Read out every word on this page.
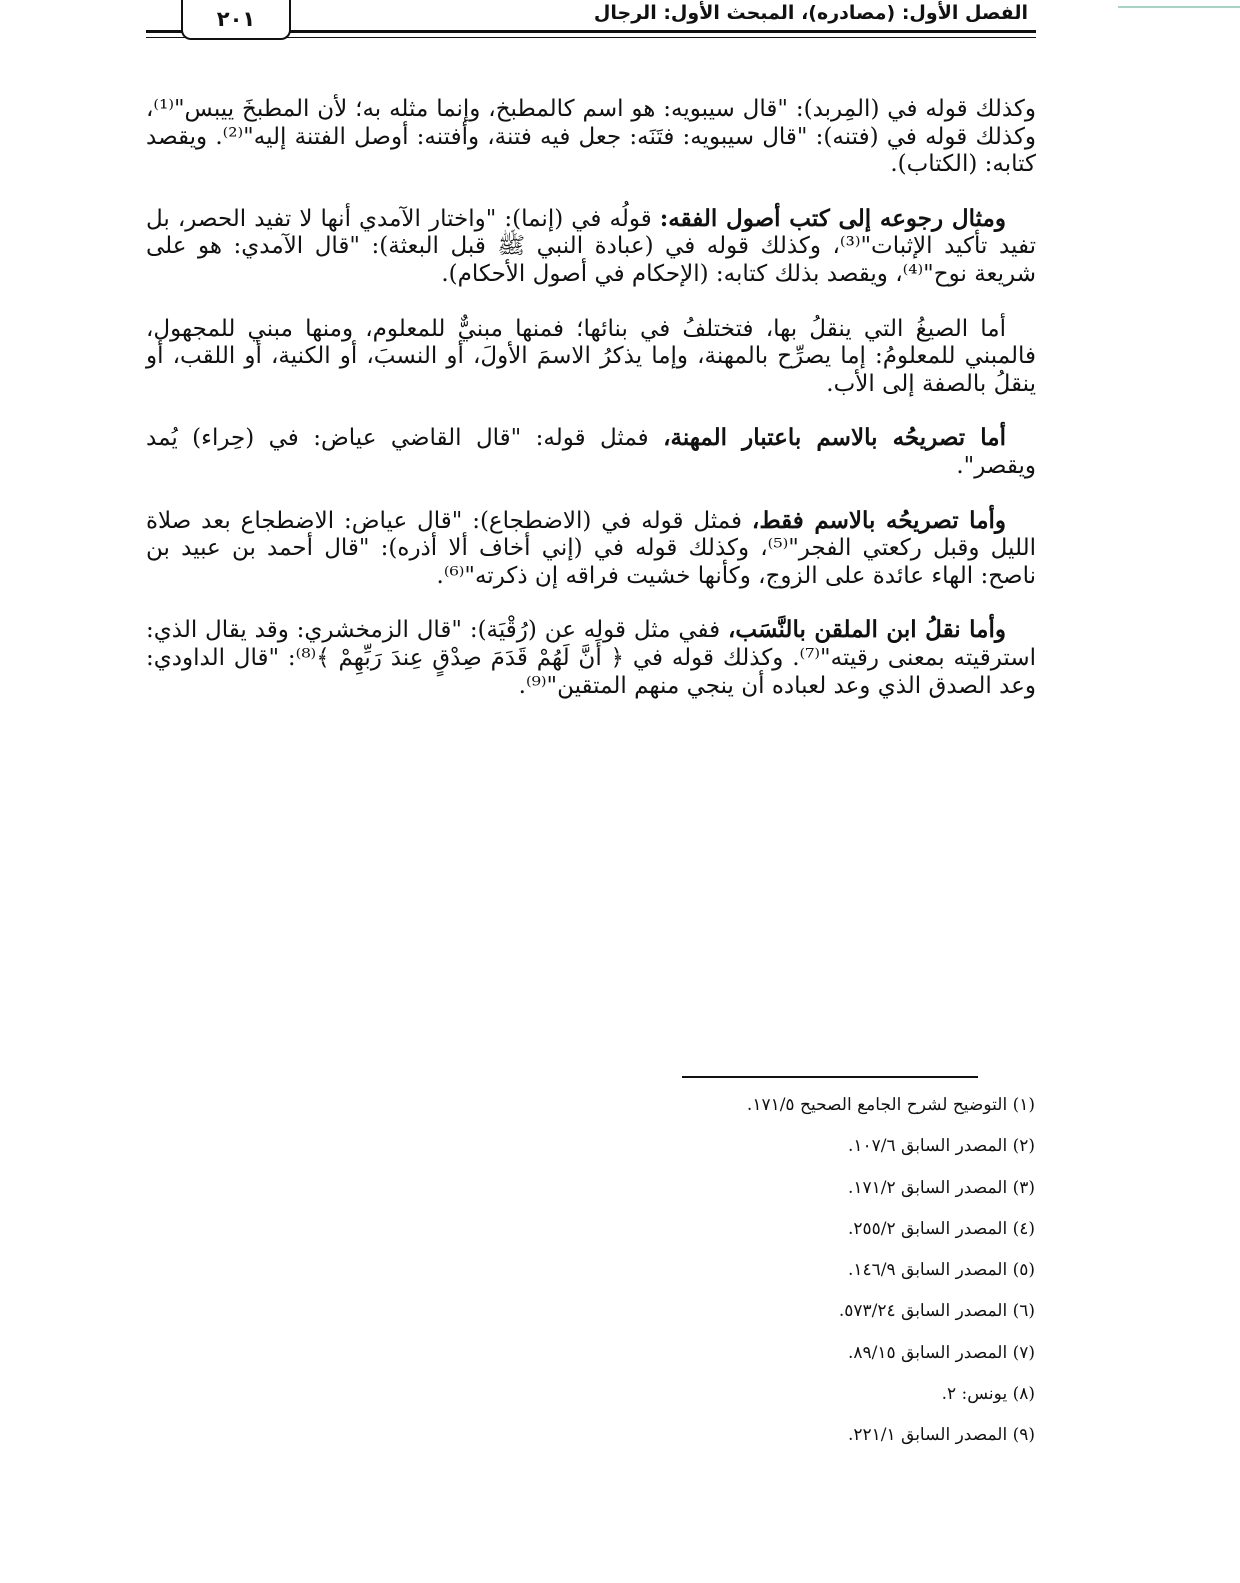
الفصل الأول: (مصادره)، المبحث الأول: الرجال
٢٠١

وكذلك قوله في (المِربد): "قال سيبويه: هو اسم كالمطبخ، وإنما مثله به؛ لأن المطبخَ ييبس"⁽¹⁾، وكذلك قوله في (فتنه): "قال سيبويه: فتَنَه: جعل فيه فتنة، وأفتنه: أوصل الفتنة إليه"⁽²⁾. ويقصد كتابه: (الكتاب).

ومثال رجوعه إلى كتب أصول الفقه: قولُه في (إنما): "واختار الآمدي أنها لا تفيد الحصر، بل تفيد تأكيد الإثبات"⁽³⁾، وكذلك قوله في (عبادة النبي ﷺ قبل البعثة): "قال الآمدي: هو على شريعة نوح"⁽⁴⁾، ويقصد بذلك كتابه: (الإحكام في أصول الأحكام).

أما الصيغُ التي ينقلُ بها، فتختلفُ في بنائها؛ فمنها مبنيٌّ للمعلوم، ومنها مبني للمجهول، فالمبني للمعلومُ: إما يصرِّح بالمهنة، وإما يذكرُ الاسمَ الأولَ، أو النسبَ، أو الكنية، أو اللقب، أو ينقلُ بالصفة إلى الأب.

أما تصريحُه بالاسم باعتبار المهنة، فمثل قوله: "قال القاضي عياض: في (حِراء) يُمد ويقصر".

وأما تصريحُه بالاسم فقط، فمثل قوله في (الاضطجاع): "قال عياض: الاضطجاع بعد صلاة الليل وقبل ركعتي الفجر"⁽⁵⁾، وكذلك قوله في (إني أخاف ألا أذره): "قال أحمد بن عبيد بن ناصح: الهاء عائدة على الزوج، وكأنها خشيت فراقه إن ذكرته"⁽⁶⁾.

وأما نقلُ ابن الملقن بالنَّسَب، ففي مثل قوله عن (رُقْيَة): "قال الزمخشري: وقد يقال الذي: استرقيته بمعنى رقيته"⁽⁷⁾. وكذلك قوله في ﴿ أَنَّ لَهُمْ قَدَمَ صِدْقٍ عِندَ رَبِّهِمْ ﴾⁽⁸⁾: "قال الداودي: وعد الصدق الذي وعد لعباده أن ينجي منهم المتقين"⁽⁹⁾.

(١) التوضيح لشرح الجامع الصحيح ١٧١/٥.
(٢) المصدر السابق ١٠٧/٦.
(٣) المصدر السابق ١٧١/٢.
(٤) المصدر السابق ٢٥٥/٢.
(٥) المصدر السابق ١٤٦/٩.
(٦) المصدر السابق ٥٧٣/٢٤.
(٧) المصدر السابق ٨٩/١٥.
(٨) يونس: ٢.
(٩) المصدر السابق ٢٢١/١.
